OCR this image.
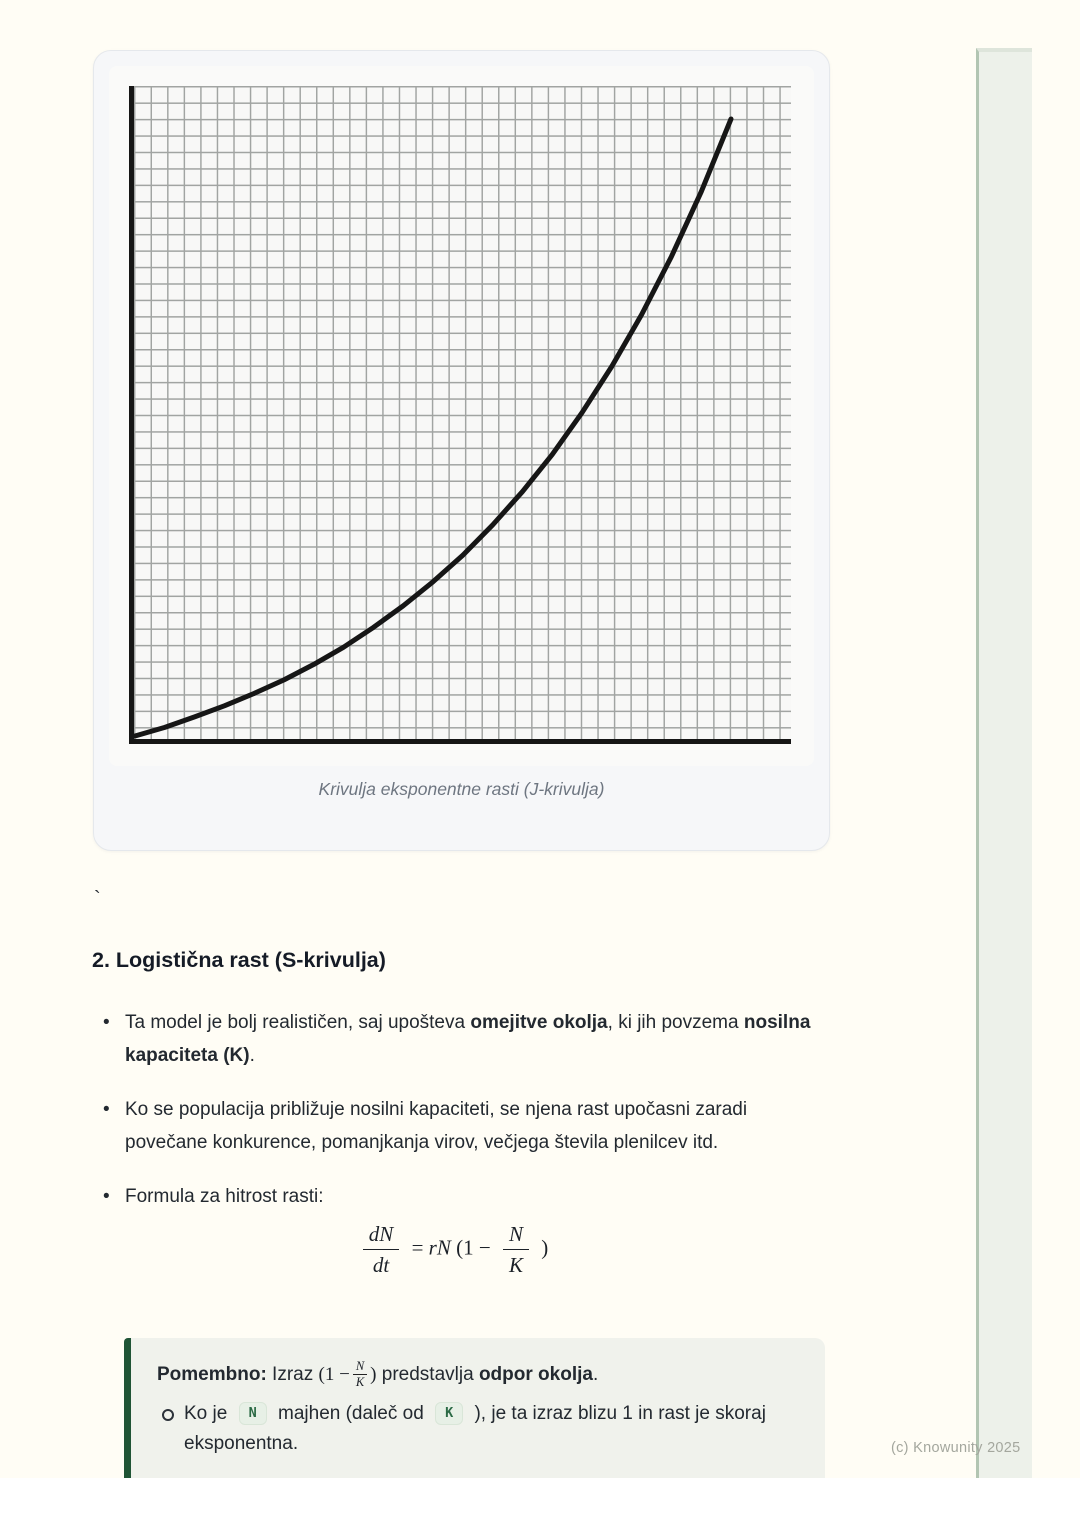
Krivulja eksponentne rasti (J-krivulja)
`
2. Logistična rast (S-krivulja)
• Ta model je bolj realističen, saj upošteva omejitve okolja, ki jih povzema nosilna kapaciteta (K).
• Ko se populacija približuje nosilni kapaciteti, se njena rast upočasni zaradi povečane konkurence, pomanjkanja virov, večjega števila plenilcev itd.
• Formula za hitrost rasti:
$\frac{dN}{dt}$ = rN ($1 - \frac{N}{K}$ )

Pomembno: Izraz ($1 - \frac{N}{K}$ ) predstavlja odpor okolja.

Ko je N majhen (daleč od K ), je ta izraz blizu 1 in rast je skoraj eksponentna.	(c) Knowunity 2025
